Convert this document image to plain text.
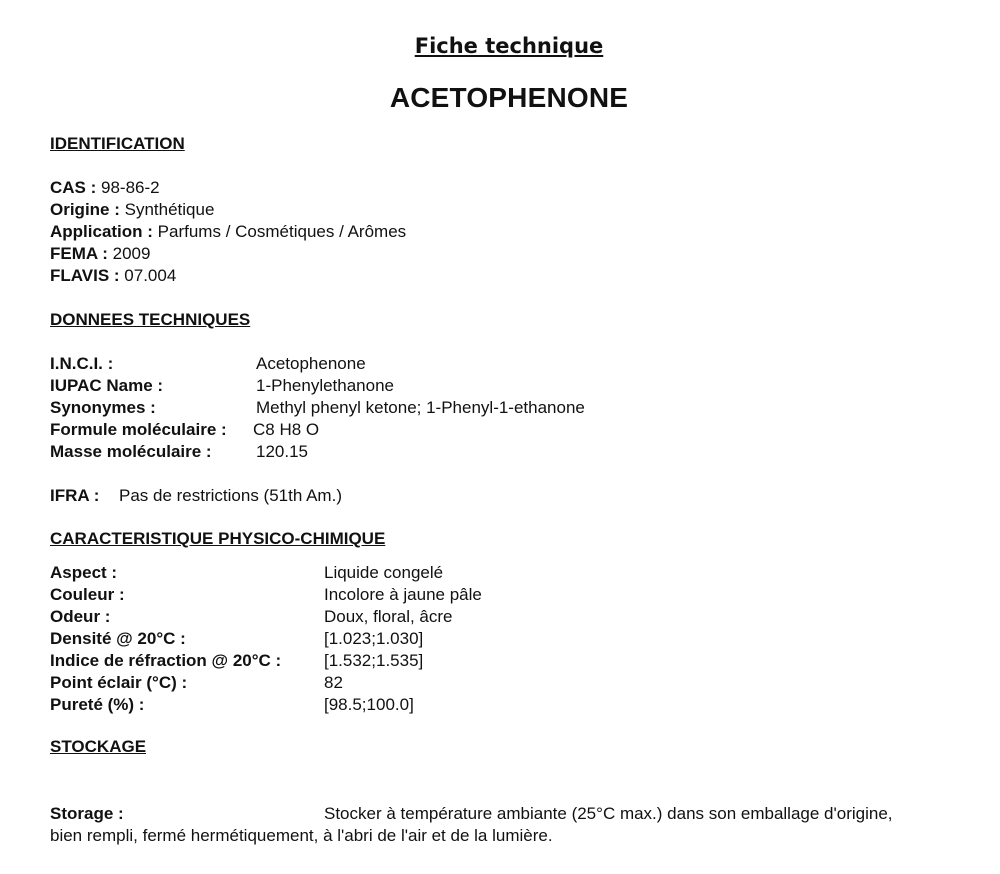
Fiche technique
ACETOPHENONE
IDENTIFICATION
CAS : 98-86-2
Origine : Synthétique
Application : Parfums / Cosmétiques / Arômes
FEMA : 2009
FLAVIS : 07.004
DONNEES TECHNIQUES
I.N.C.I. :	Acetophenone
IUPAC Name :	1-Phenylethanone
Synonymes :	Methyl phenyl ketone; 1-Phenyl-1-ethanone
Formule moléculaire : C8 H8 O
Masse moléculaire :	120.15
IFRA : Pas de restrictions (51th Am.)
CARACTERISTIQUE PHYSICO-CHIMIQUE
Aspect :	Liquide congelé
Couleur :	Incolore à jaune pâle
Odeur :	Doux, floral, âcre
Densité @ 20°C :	[1.023;1.030]
Indice de réfraction @ 20°C :	[1.532;1.535]
Point éclair (°C) :	82
Pureté (%) :	[98.5;100.0]
STOCKAGE
Storage :	Stocker à température ambiante (25°C max.) dans son emballage d'origine,
bien rempli, fermé hermétiquement, à l'abri de l'air et de la lumière.
